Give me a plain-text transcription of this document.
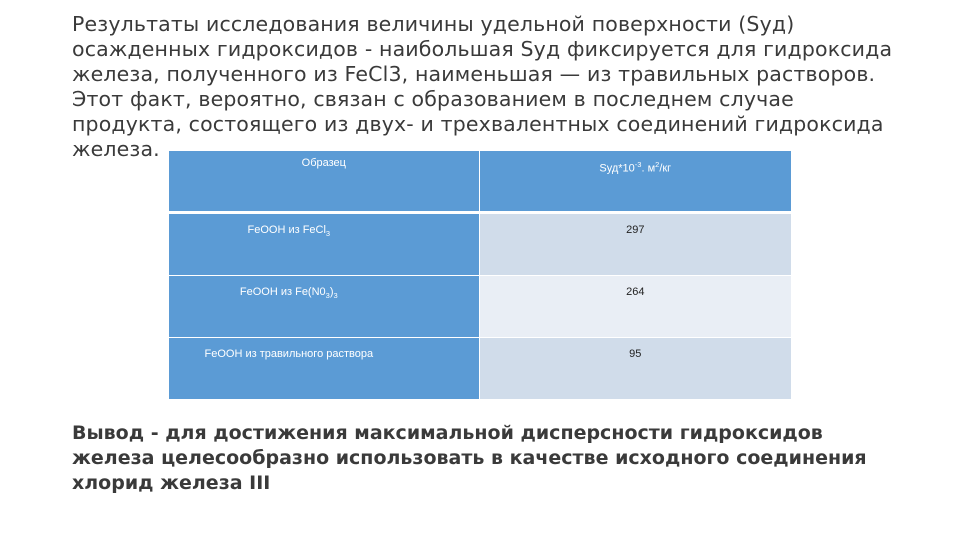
Результаты исследования величины удельной поверхности (Sуд)
осажденных гидроксидов - наибольшая Sуд фиксируется для гидроксида
железа, полученного из FeCl3, наименьшая — из травильных растворов.
Этот факт, вероятно, связан с образованием в последнем случае
продукта, состоящего из двух- и трехвалентных соединений гидроксида
железа.

Образец	$Sуд*10^{-3}$. $м^2/кг$

FeOOH из FeCl$_3$	297

FeOOH из $Fe(N0_3)_3$	264

FeOOH из травильного раствора	95

Вывод - для достижения максимальной дисперсности гидроксидов
железа целесообразно использовать в качестве исходного соединения
хлорид железа III
